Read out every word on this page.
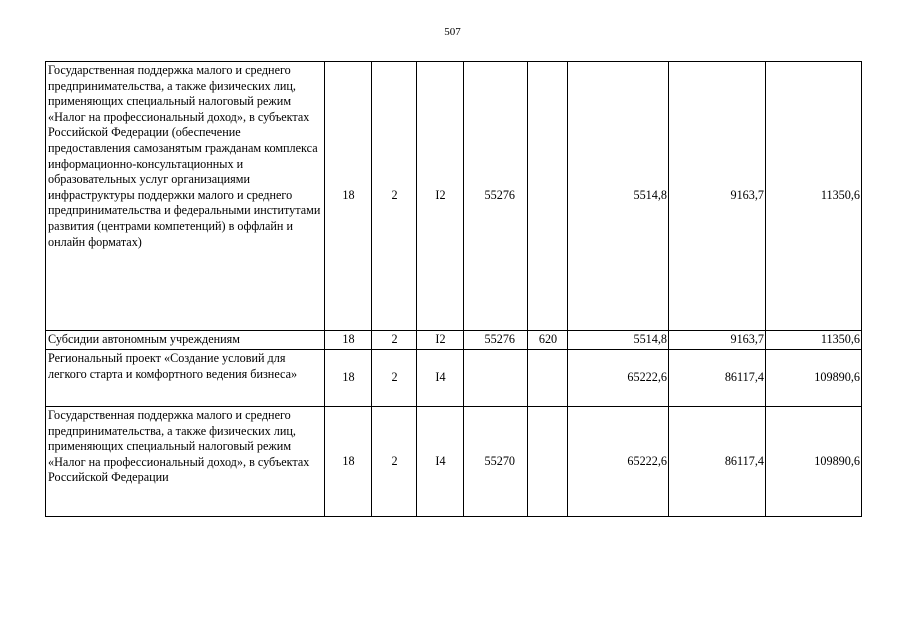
507
Государственная поддержка малого и среднего предпринимательства, а также физических лиц, применяющих специальный налоговый режим «Налог на профессиональный доход», в субъектах Российской Федерации (обеспечение предоставления самозанятым гражданам комплекса информационно-консультационных и образовательных услуг организациями инфраструктуры поддержки малого и среднего предпринимательства и федеральными институтами развития (центрами компетенций) в оффлайн и онлайн форматах)	18	2	I2	55276		5514,8	9163,7	11350,6
Субсидии автономным учреждениям	18	2	I2	55276	620	5514,8	9163,7	11350,6
Региональный проект «Создание условий для легкого старта и комфортного ведения бизнеса»	18	2	I4			65222,6	86117,4	109890,6
Государственная поддержка малого и среднего предпринимательства, а также физических лиц, применяющих специальный налоговый режим «Налог на профессиональный доход», в субъектах Российской Федерации	18	2	I4	55270		65222,6	86117,4	109890,6
